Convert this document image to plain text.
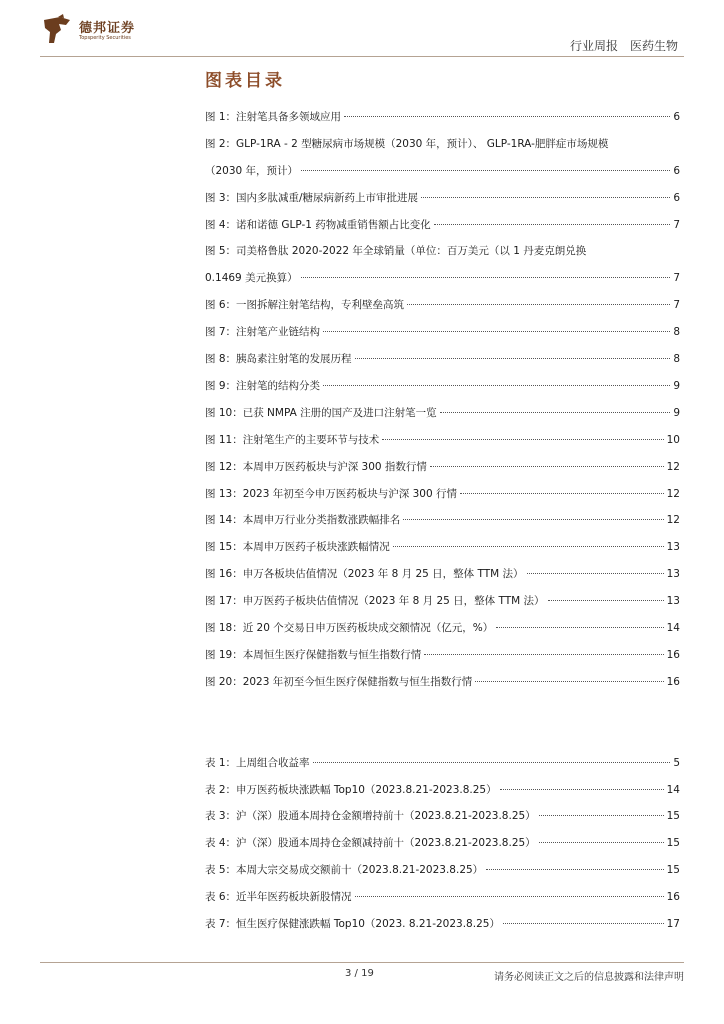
德邦证券
Topsperity Securities
行业周报 医药生物
图表目录
图 1：注射笔具备多领域应用	6
图 2：GLP-1RA - 2 型糖尿病市场规模（2030 年，预计）、 GLP-1RA-肥胖症市场规模
（2030 年，预计）	6
图 3：国内多肽减重/糖尿病新药上市审批进展	6
图 4：诺和诺德 GLP-1 药物减重销售额占比变化	7
图 5：司美格鲁肽 2020-2022 年全球销量（单位：百万美元（以 1 丹麦克朗兑换
0.1469 美元换算）	7
图 6：一图拆解注射笔结构，专利壁垒高筑	7
图 7：注射笔产业链结构	8
图 8：胰岛素注射笔的发展历程	8
图 9：注射笔的结构分类	9
图 10：已获 NMPA 注册的国产及进口注射笔一览	9
图 11：注射笔生产的主要环节与技术	10
图 12：本周申万医药板块与沪深 300 指数行情	12
图 13：2023 年初至今申万医药板块与沪深 300 行情	12
图 14：本周申万行业分类指数涨跌幅排名	12
图 15：本周申万医药子板块涨跌幅情况	13
图 16：申万各板块估值情况（2023 年 8 月 25 日，整体 TTM 法）	13
图 17：申万医药子板块估值情况（2023 年 8 月 25 日，整体 TTM 法）	13
图 18：近 20 个交易日申万医药板块成交额情况（亿元，%）	14
图 19：本周恒生医疗保健指数与恒生指数行情	16
图 20：2023 年初至今恒生医疗保健指数与恒生指数行情	16
表 1：上周组合收益率	5
表 2：申万医药板块涨跌幅 Top10（2023.8.21-2023.8.25）	14
表 3：沪（深）股通本周持仓金额增持前十（2023.8.21-2023.8.25）	15
表 4：沪（深）股通本周持仓金额减持前十（2023.8.21-2023.8.25）	15
表 5：本周大宗交易成交额前十（2023.8.21-2023.8.25）	15
表 6：近半年医药板块新股情况	16
表 7：恒生医疗保健涨跌幅 Top10（2023. 8.21-2023.8.25）	17
3 / 19	请务必阅读正文之后的信息披露和法律声明
